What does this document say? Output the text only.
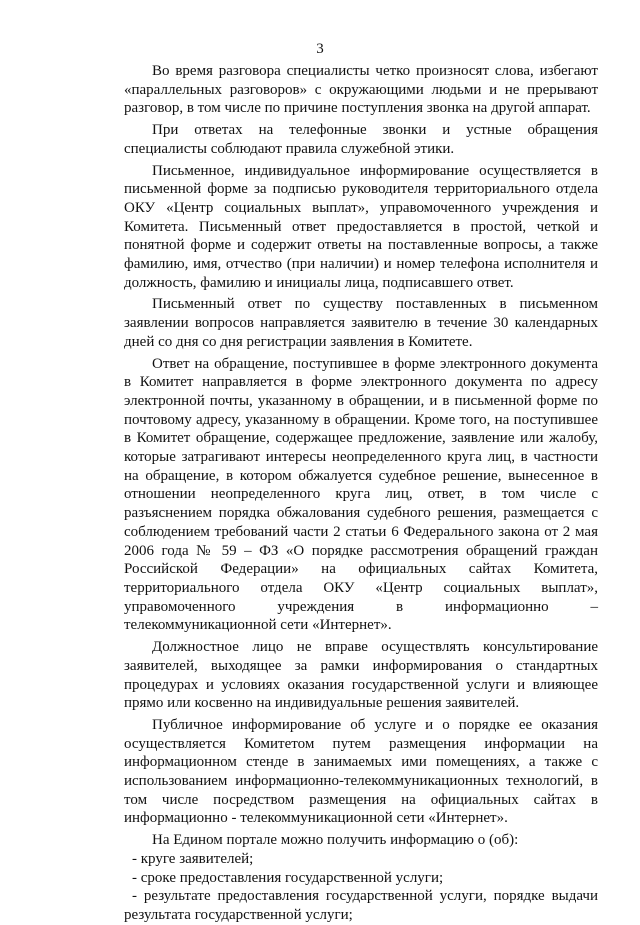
3

Во время разговора специалисты четко произносят слова, избегают «параллельных разговоров» с окружающими людьми и не прерывают разговор, в том числе по причине поступления звонка на другой аппарат.

При ответах на телефонные звонки и устные обращения специалисты соблюдают правила служебной этики.

Письменное, индивидуальное информирование осуществляется в письменной форме за подписью руководителя территориального отдела ОКУ «Центр социальных выплат», управомоченного учреждения и Комитета. Письменный ответ предоставляется в простой, четкой и понятной форме и содержит ответы на поставленные вопросы, а также фамилию, имя, отчество (при наличии) и номер телефона исполнителя и должность, фамилию и инициалы лица, подписавшего ответ.

Письменный ответ по существу поставленных в письменном заявлении вопросов направляется заявителю в течение 30 календарных дней со дня со дня регистрации заявления в Комитете.

Ответ на обращение, поступившее в форме электронного документа в Комитет направляется в форме электронного документа по адресу электронной почты, указанному в обращении, и в письменной форме по почтовому адресу, указанному в обращении. Кроме того, на поступившее в Комитет обращение, содержащее предложение, заявление или жалобу, которые затрагивают интересы неопределенного круга лиц, в частности на обращение, в котором обжалуется судебное решение, вынесенное в отношении неопределенного круга лиц, ответ, в том числе с разъяснением порядка обжалования судебного решения, размещается с соблюдением требований части 2 статьи 6 Федерального закона от 2 мая 2006 года № 59 – ФЗ «О порядке рассмотрения обращений граждан Российской Федерации» на официальных сайтах Комитета, территориального отдела ОКУ «Центр социальных выплат», управомоченного учреждения в информационно – телекоммуникационной сети «Интернет».

Должностное лицо не вправе осуществлять консультирование заявителей, выходящее за рамки информирования о стандартных процедурах и условиях оказания государственной услуги и влияющее прямо или косвенно на индивидуальные решения заявителей.

Публичное информирование об услуге и о порядке ее оказания осуществляется Комитетом путем размещения информации на информационном стенде в занимаемых ими помещениях, а также с использованием информационно-телекоммуникационных технологий, в том числе посредством размещения на официальных сайтах в информационно - телекоммуникационной сети «Интернет».

На Едином портале можно получить информацию о (об):

- круге заявителей;

- сроке предоставления государственной услуги;

- результате предоставления государственной услуги, порядке выдачи результата государственной услуги;
